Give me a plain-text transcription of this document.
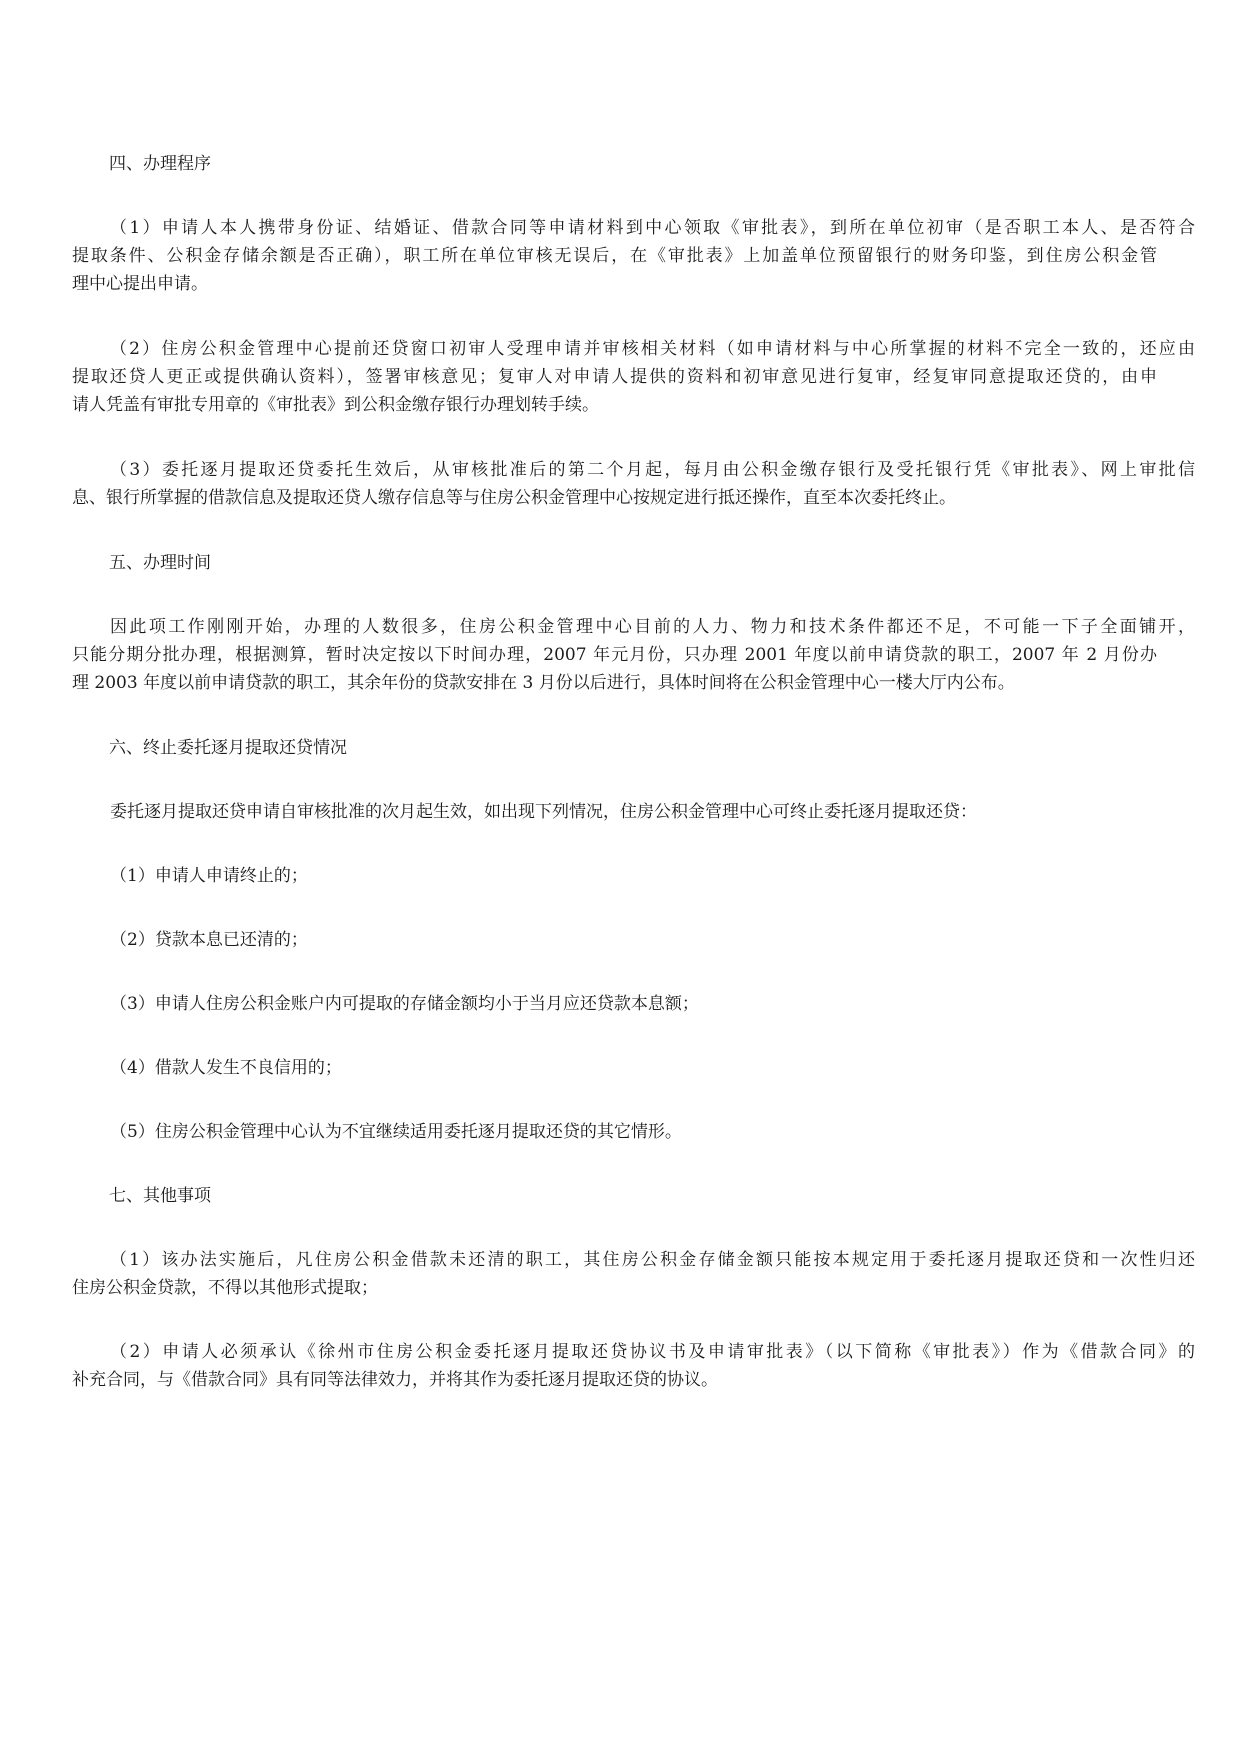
四、办理程序
（1）申请人本人携带身份证、结婚证、借款合同等申请材料到中心领取《审批表》，到所在单位初审（是否职工本人、是否符合
提取条件、公积金存储余额是否正确），职工所在单位审核无误后，在《审批表》上加盖单位预留银行的财务印鉴，到住房公积金管
理中心提出申请。
（2）住房公积金管理中心提前还贷窗口初审人受理申请并审核相关材料（如申请材料与中心所掌握的材料不完全一致的，还应由
提取还贷人更正或提供确认资料），签署审核意见；复审人对申请人提供的资料和初审意见进行复审，经复审同意提取还贷的，由申
请人凭盖有审批专用章的《审批表》到公积金缴存银行办理划转手续。
（3）委托逐月提取还贷委托生效后，从审核批准后的第二个月起，每月由公积金缴存银行及受托银行凭《审批表》、网上审批信
息、银行所掌握的借款信息及提取还贷人缴存信息等与住房公积金管理中心按规定进行抵还操作，直至本次委托终止。
五、办理时间
因此项工作刚刚开始，办理的人数很多，住房公积金管理中心目前的人力、物力和技术条件都还不足，不可能一下子全面铺开，
只能分期分批办理，根据测算，暂时决定按以下时间办理，2007 年元月份，只办理 2001 年度以前申请贷款的职工，2007 年 2 月份办
理 2003 年度以前申请贷款的职工，其余年份的贷款安排在 3 月份以后进行，具体时间将在公积金管理中心一楼大厅内公布。
六、终止委托逐月提取还贷情况
委托逐月提取还贷申请自审核批准的次月起生效，如出现下列情况，住房公积金管理中心可终止委托逐月提取还贷：
（1）申请人申请终止的；
（2）贷款本息已还清的；
（3）申请人住房公积金账户内可提取的存储金额均小于当月应还贷款本息额；
（4）借款人发生不良信用的；
（5）住房公积金管理中心认为不宜继续适用委托逐月提取还贷的其它情形。
七、其他事项
（1）该办法实施后，凡住房公积金借款未还清的职工，其住房公积金存储金额只能按本规定用于委托逐月提取还贷和一次性归还
住房公积金贷款，不得以其他形式提取；
（2）申请人必须承认《徐州市住房公积金委托逐月提取还贷协议书及申请审批表》（以下简称《审批表》）作为《借款合同》的
补充合同，与《借款合同》具有同等法律效力，并将其作为委托逐月提取还贷的协议。
